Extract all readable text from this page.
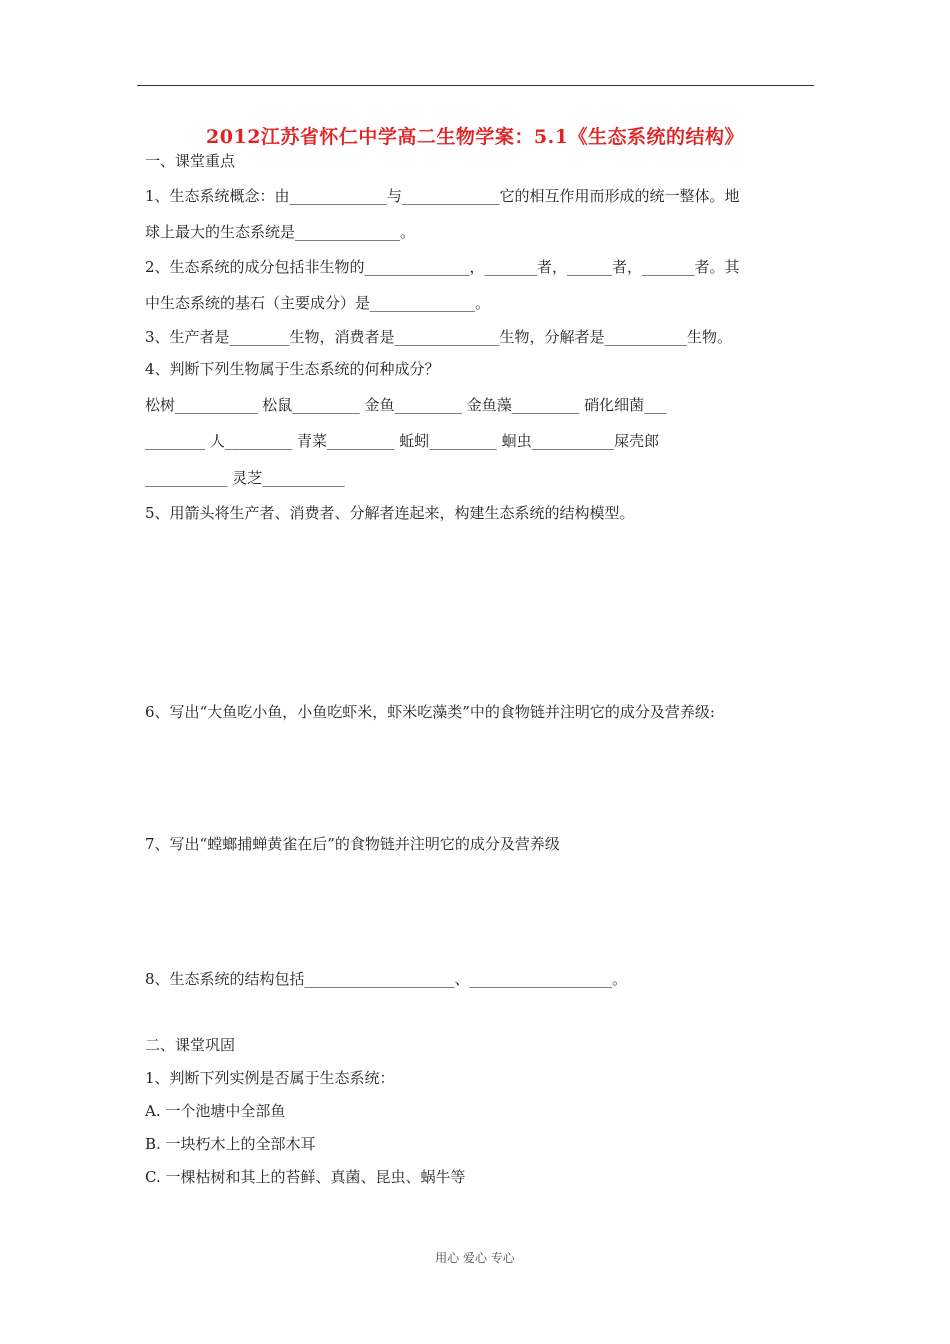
2012江苏省怀仁中学高二生物学案：5.1《生态系统的结构》
一、课堂重点
1、生态系统概念：由_____________与_____________它的相互作用而形成的统一整体。地
球上最大的生态系统是______________。
2、生态系统的成分包括非生物的______________，_______者，______者，_______者。其
中生态系统的基石（主要成分）是______________。
3、生产者是________生物，消费者是______________生物，分解者是___________生物。
4、判断下列生物属于生态系统的何种成分？
松树___________ 松鼠_________ 金鱼_________ 金鱼藻_________ 硝化细菌___
________ 人_________ 青菜_________ 蚯蚓_________ 蛔虫___________屎壳郎
___________ 灵芝___________
5、用箭头将生产者、消费者、分解者连起来，构建生态系统的结构模型。
6、写出“大鱼吃小鱼，小鱼吃虾米，虾米吃藻类”中的食物链并注明它的成分及营养级:
7、写出“螳螂捕蝉黄雀在后”的食物链并注明它的成分及营养级
8、生态系统的结构包括____________________、___________________。
二、课堂巩固
1、判断下列实例是否属于生态系统：
A. 一个池塘中全部鱼
B. 一块朽木上的全部木耳
C. 一棵枯树和其上的苔鲜、真菌、昆虫、蜗牛等
用心 爱心 专心
